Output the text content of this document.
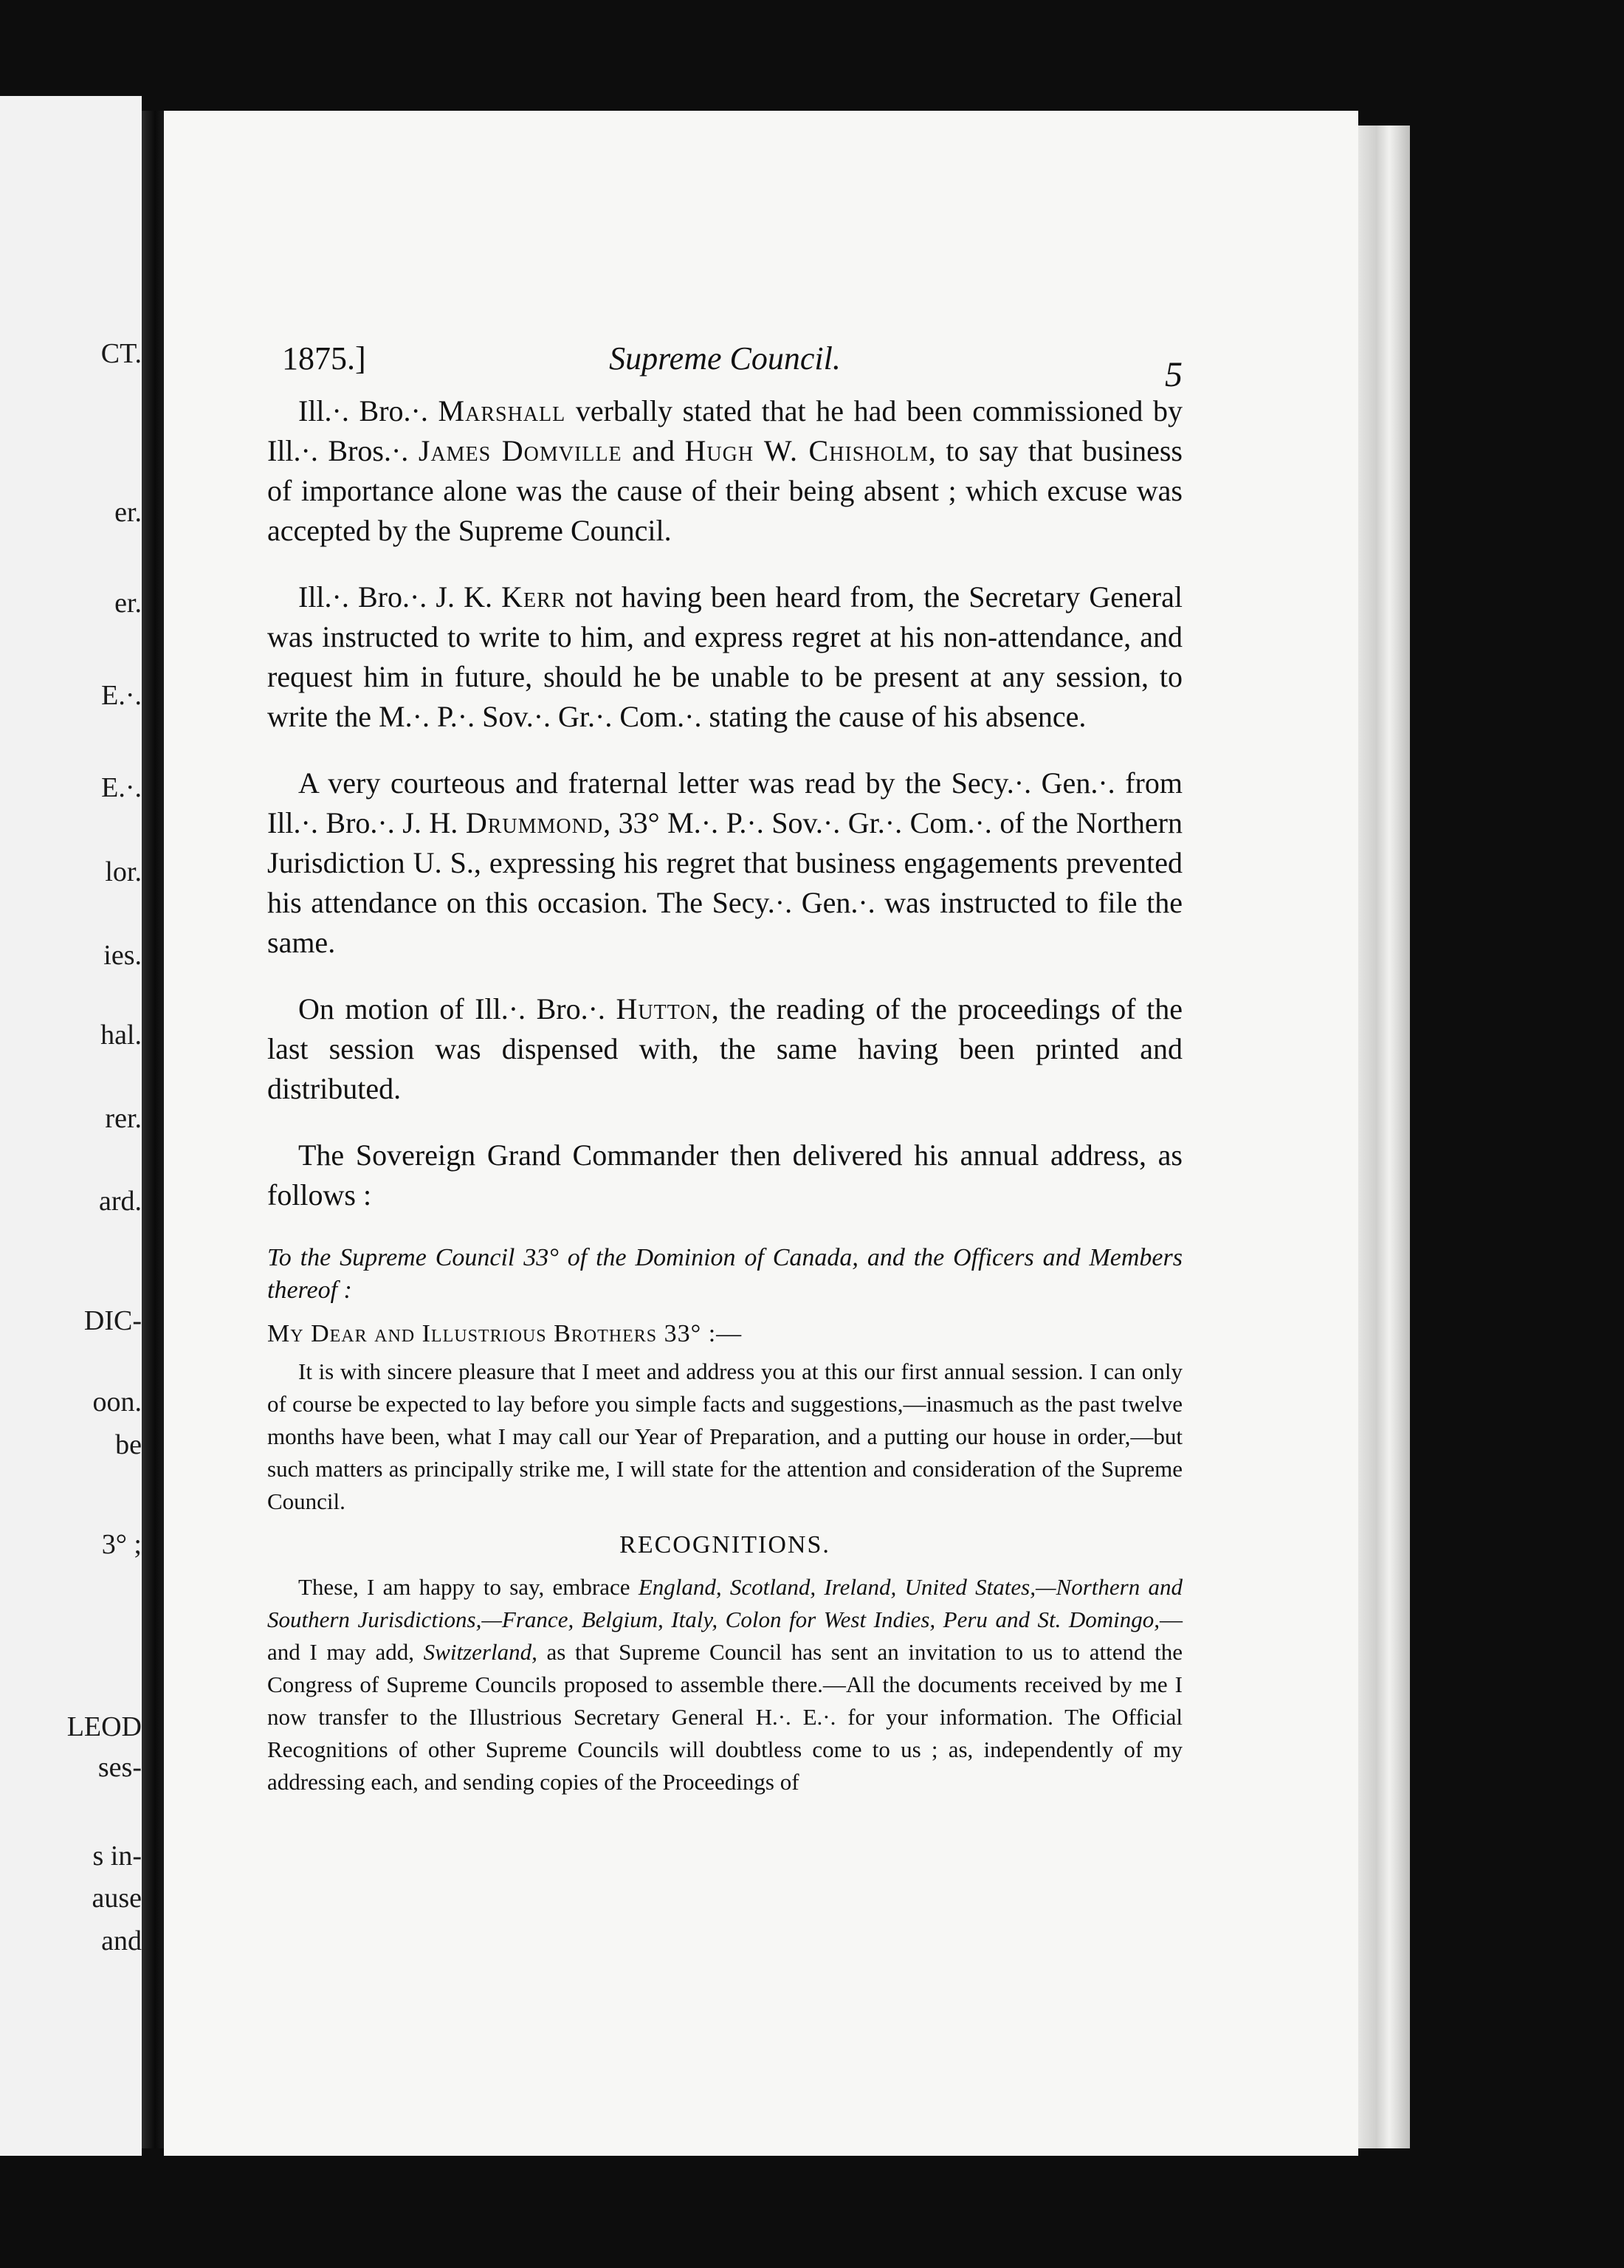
CT.
er.
er.
E.·.
E.·.
lor.
ies.
hal.
rer.
ard.
DIC-
oon.
be
3° ;
LEOD
ses-
s in-
ause
and
1875.]	Supreme Council.	5

Ill.·. Bro.·. Marshall verbally stated that he had been commissioned by Ill.·. Bros.·. James Domville and Hugh W. Chisholm, to say that business of importance alone was the cause of their being absent ; which excuse was accepted by the Supreme Council.

Ill.·. Bro.·. J. K. Kerr not having been heard from, the Secretary General was instructed to write to him, and express regret at his non-attendance, and request him in future, should he be unable to be present at any session, to write the M.·. P.·. Sov.·. Gr.·. Com.·. stating the cause of his absence.

A very courteous and fraternal letter was read by the Secy.·. Gen.·. from Ill.·. Bro.·. J. H. Drummond, 33° M.·. P.·. Sov.·. Gr.·. Com.·. of the Northern Jurisdiction U. S., expressing his regret that business engagements prevented his attendance on this occasion. The Secy.·. Gen.·. was instructed to file the same.

On motion of Ill.·. Bro.·. Hutton, the reading of the proceedings of the last session was dispensed with, the same having been printed and distributed.

The Sovereign Grand Commander then delivered his annual address, as follows :

To the Supreme Council 33° of the Dominion of Canada, and the Officers and Members thereof :
My Dear and Illustrious Brothers 33° :—

It is with sincere pleasure that I meet and address you at this our first annual session. I can only of course be expected to lay before you simple facts and suggestions,—inasmuch as the past twelve months have been, what I may call our Year of Preparation, and a putting our house in order,—but such matters as principally strike me, I will state for the attention and consideration of the Supreme Council.

RECOGNITIONS.

These, I am happy to say, embrace England, Scotland, Ireland, United States,—Northern and Southern Jurisdictions,—France, Belgium, Italy, Colon for West Indies, Peru and St. Domingo,—and I may add, Switzerland, as that Supreme Council has sent an invitation to us to attend the Congress of Supreme Councils proposed to assemble there.—All the documents received by me I now transfer to the Illustrious Secretary General H.·. E.·. for your information. The Official Recognitions of other Supreme Councils will doubtless come to us ; as, independently of my addressing each, and sending copies of the Proceedings of
